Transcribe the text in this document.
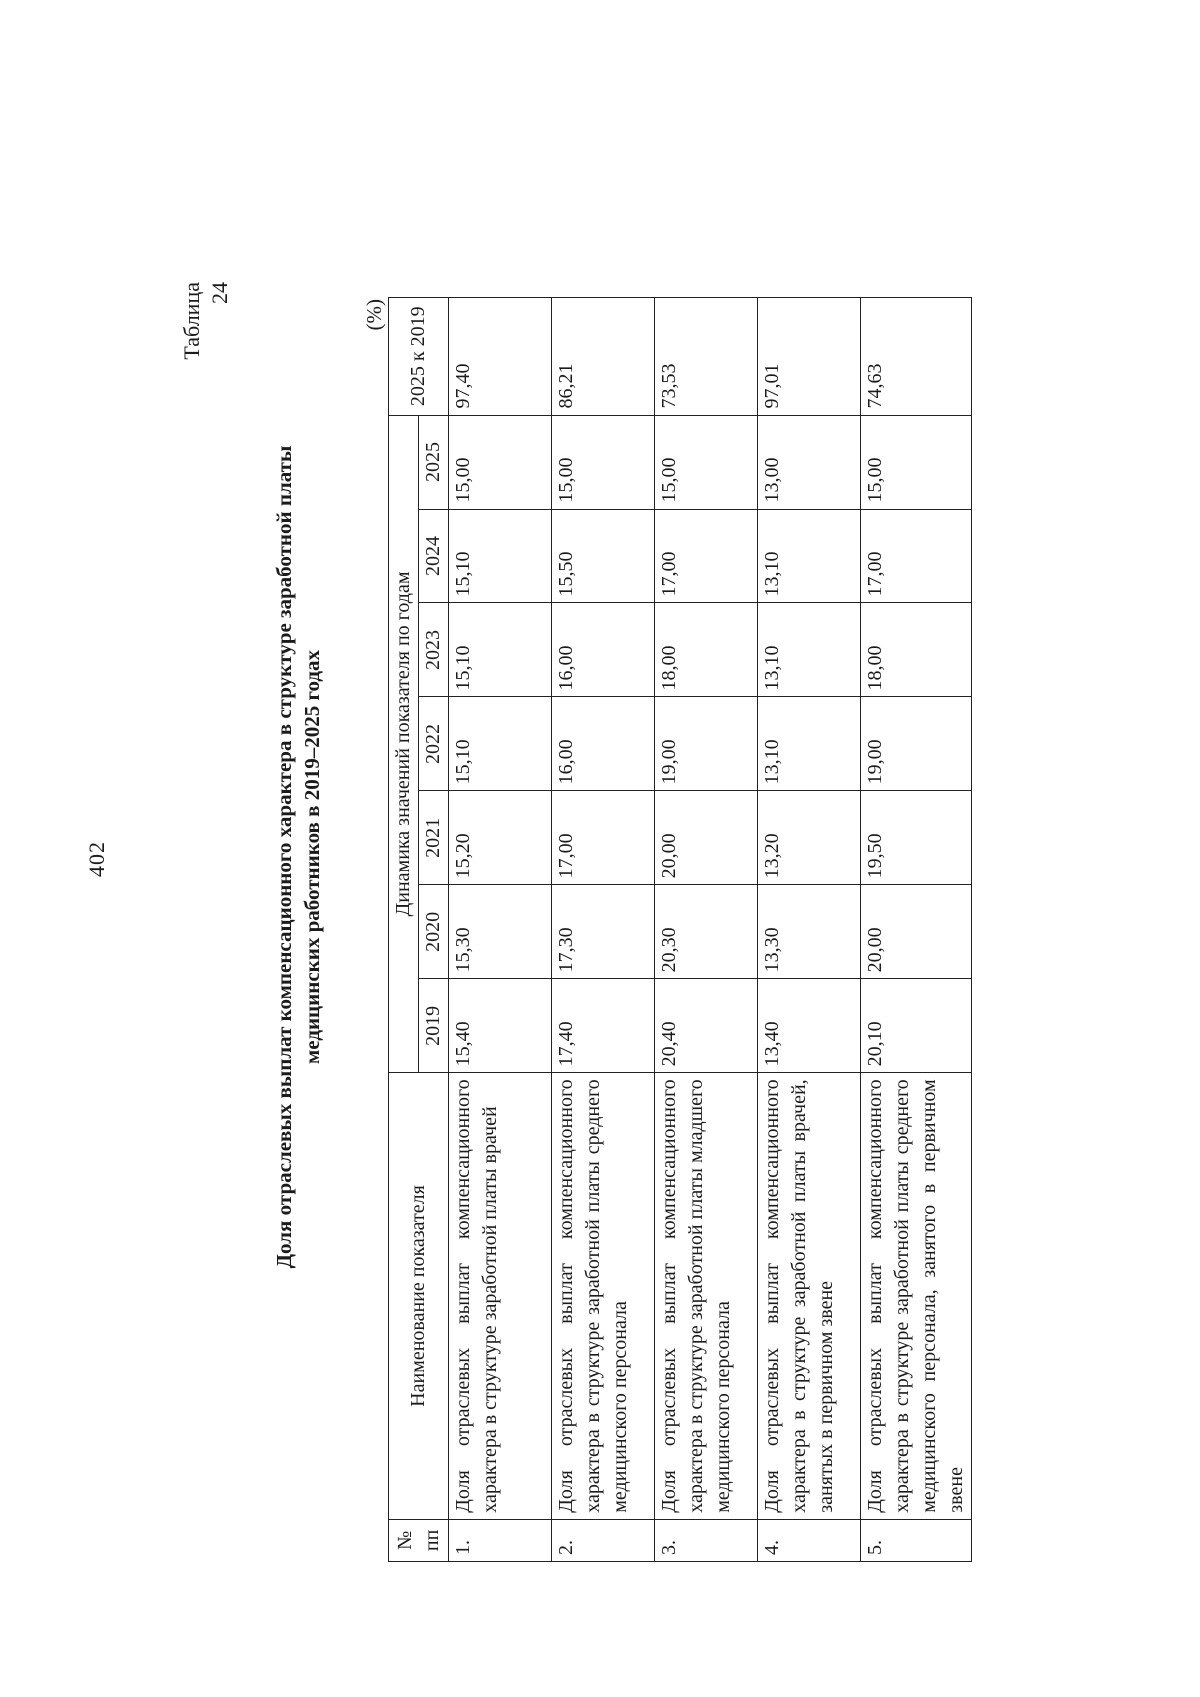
402
Таблица 24
Доля отраслевых выплат компенсационного характера в структуре заработной платы медицинских работников в 2019–2025 годах
(%)
№ пп	Наименование показателя	Динамика значений показателя по годам							2025 к 2019
		2019	2020	2021	2022	2023	2024	2025	
1.	Доля отраслевых выплат компенсационного характера в структуре заработной платы врачей	15,40	15,30	15,20	15,10	15,10	15,10	15,00	97,40
2.	Доля отраслевых выплат компенсационного характера в структуре заработной платы среднего медицинского персонала	17,40	17,30	17,00	16,00	16,00	15,50	15,00	86,21
3.	Доля отраслевых выплат компенсационного характера в структуре заработной платы младшего медицинского персонала	20,40	20,30	20,00	19,00	18,00	17,00	15,00	73,53
4.	Доля отраслевых выплат компенсационного характера в структуре заработной платы врачей, занятых в первичном звене	13,40	13,30	13,20	13,10	13,10	13,10	13,00	97,01
5.	Доля отраслевых выплат компенсационного характера в структуре заработной платы среднего медицинского персонала, занятого в первичном звене	20,10	20,00	19,50	19,00	18,00	17,00	15,00	74,63
